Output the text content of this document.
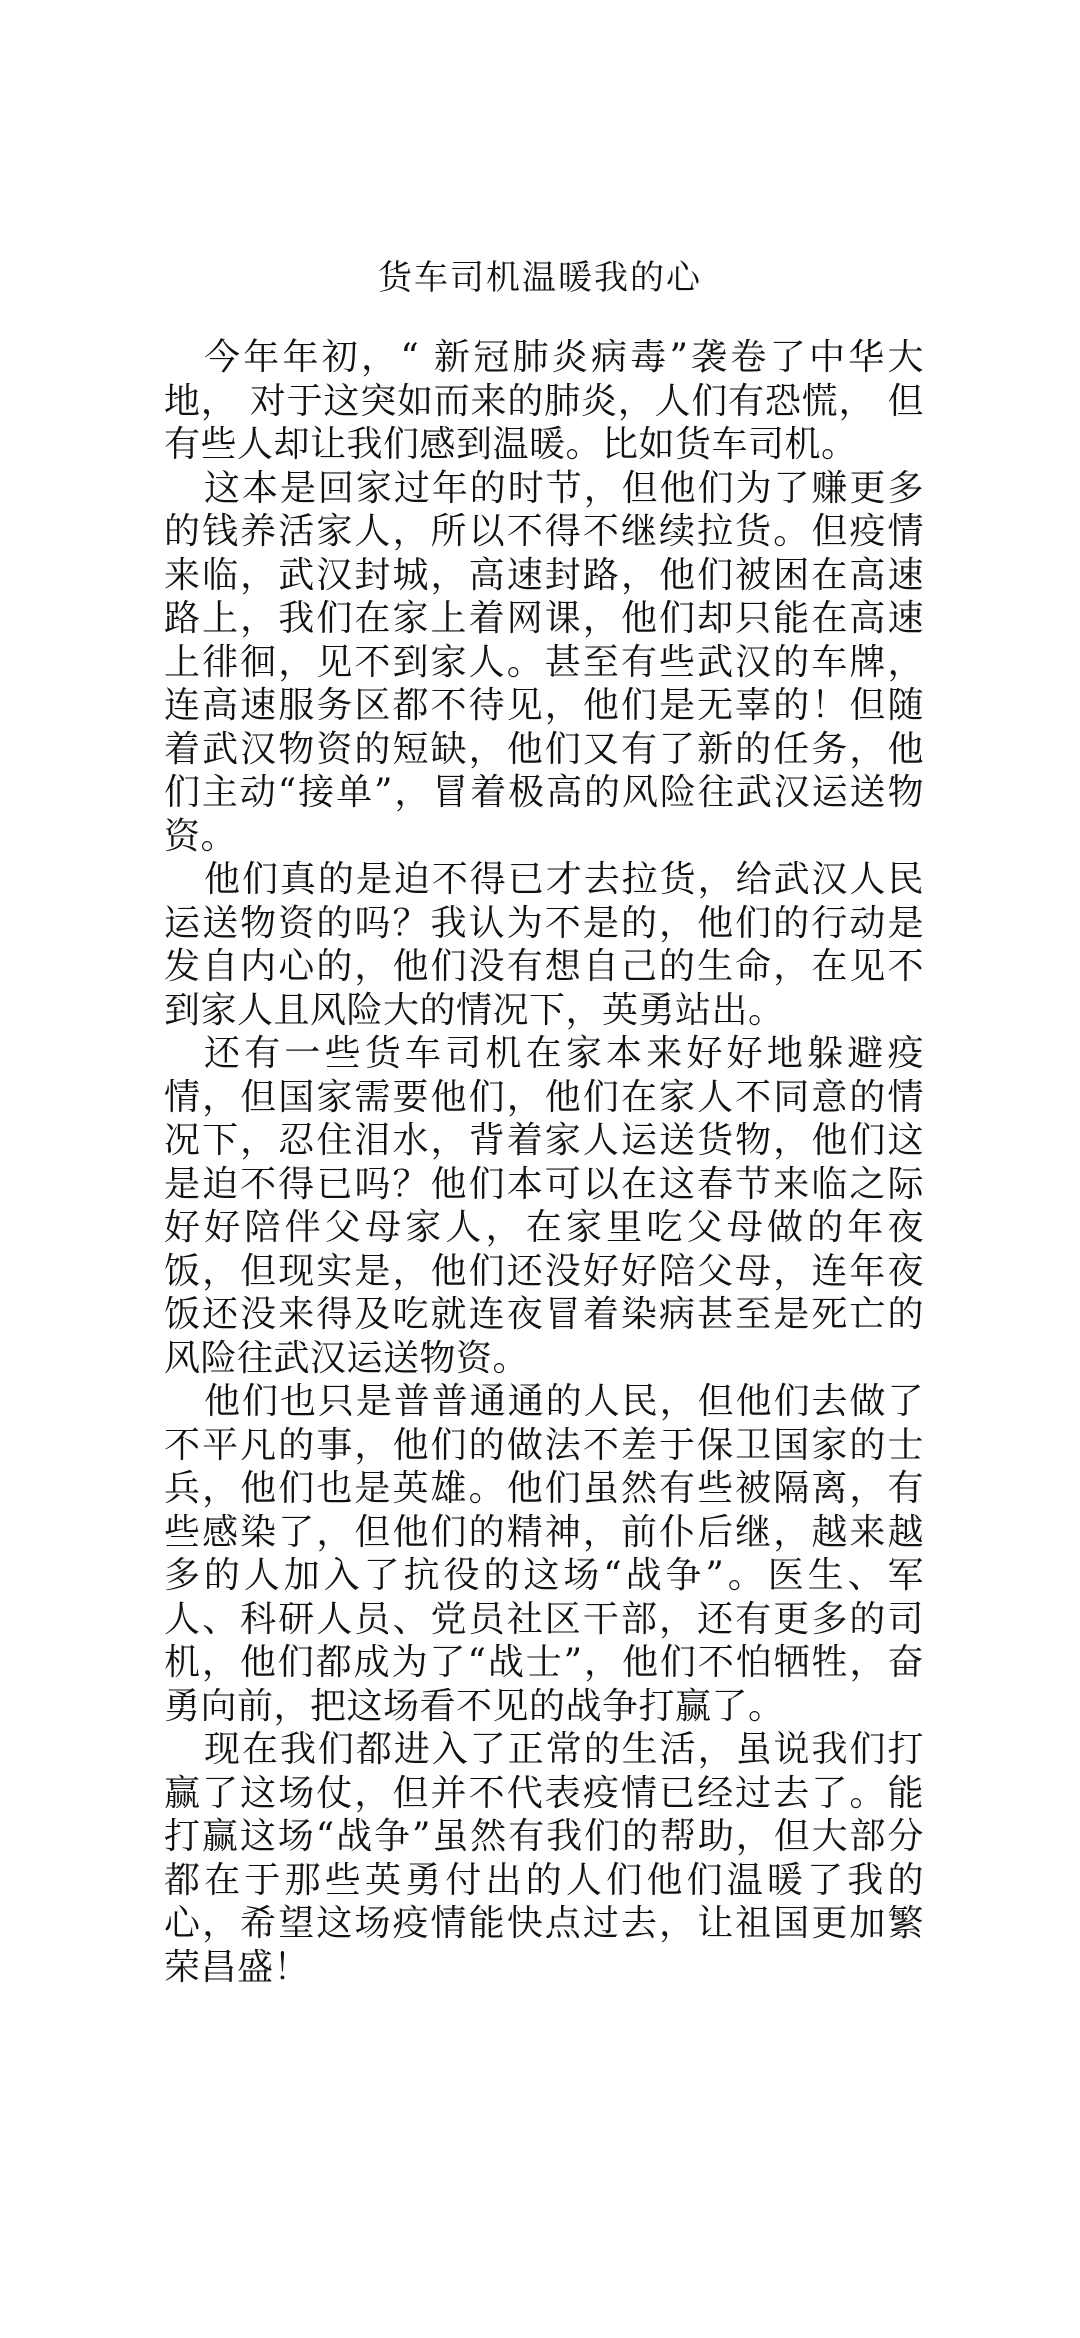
货车司机温暖我的心

今年年初，“ 新冠肺炎病毒”袭卷了中华大地， 对于这突如而来的肺炎，人们有恐慌， 但有些人却让我们感到温暖。比如货车司机。

这本是回家过年的时节，但他们为了赚更多的钱养活家人，所以不得不继续拉货。但疫情来临，武汉封城，高速封路，他们被困在高速路上，我们在家上着网课，他们却只能在高速上徘徊，见不到家人。甚至有些武汉的车牌，连高速服务区都不待见，他们是无辜的！但随着武汉物资的短缺，他们又有了新的任务，他们主动“接单”，冒着极高的风险往武汉运送物资。

他们真的是迫不得已才去拉货，给武汉人民运送物资的吗？我认为不是的，他们的行动是发自内心的，他们没有想自己的生命，在见不到家人且风险大的情况下，英勇站出。

还有一些货车司机在家本来好好地躲避疫情，但国家需要他们，他们在家人不同意的情况下，忍住泪水，背着家人运送货物，他们这是迫不得已吗？他们本可以在这春节来临之际好好陪伴父母家人，在家里吃父母做的年夜饭，但现实是，他们还没好好陪父母，连年夜饭还没来得及吃就连夜冒着染病甚至是死亡的风险往武汉运送物资。

他们也只是普普通通的人民，但他们去做了不平凡的事，他们的做法不差于保卫国家的士兵，他们也是英雄。他们虽然有些被隔离，有些感染了，但他们的精神，前仆后继，越来越多的人加入了抗役的这场“战争”。医生、军人、科研人员、党员社区干部，还有更多的司机，他们都成为了“战士”，他们不怕牺牲，奋勇向前，把这场看不见的战争打赢了。

现在我们都进入了正常的生活，虽说我们打赢了这场仗，但并不代表疫情已经过去了。能打赢这场“战争”虽然有我们的帮助，但大部分都在于那些英勇付出的人们他们温暖了我的心，希望这场疫情能快点过去，让祖国更加繁荣昌盛！
